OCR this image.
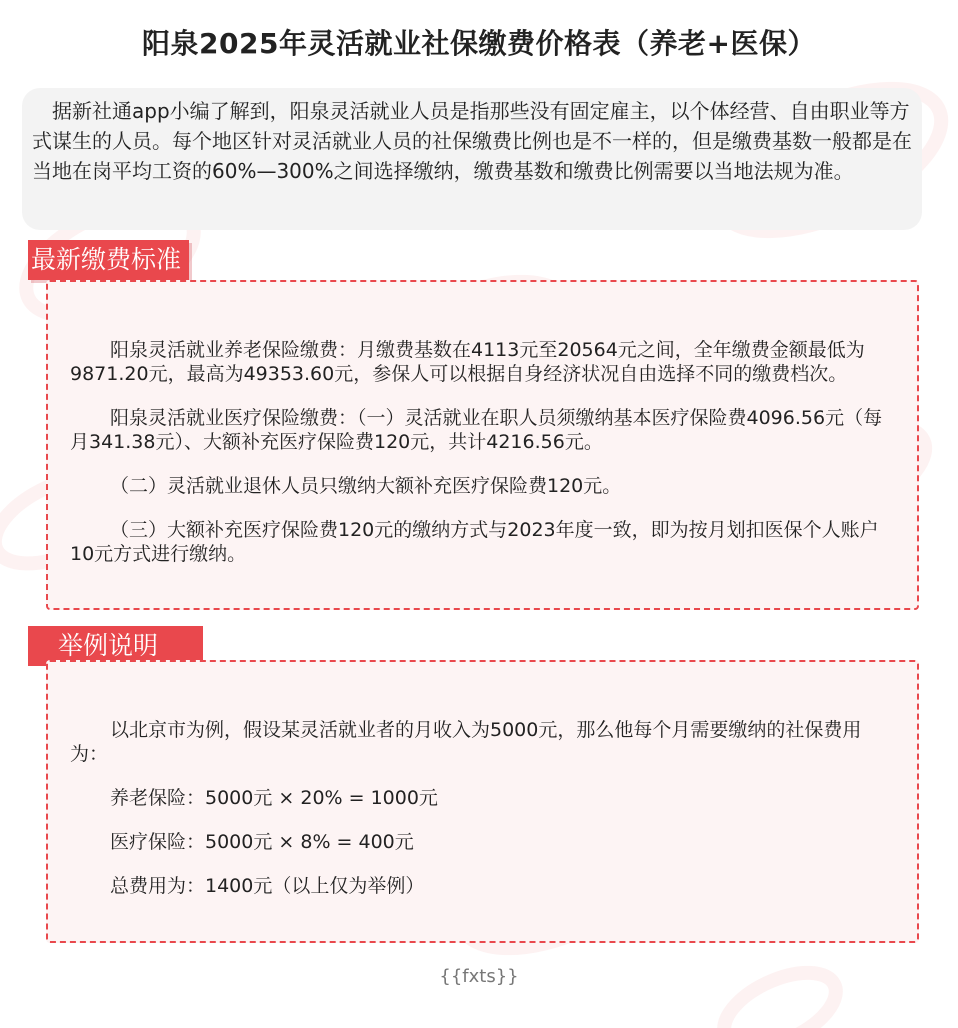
阳泉2025年灵活就业社保缴费价格表（养老+医保）
据新社通app小编了解到，阳泉灵活就业人员是指那些没有固定雇主，以个体经营、自由职业等方式谋生的人员。每个地区针对灵活就业人员的社保缴费比例也是不一样的，但是缴费基数一般都是在当地在岗平均工资的60%—300%之间选择缴纳，缴费基数和缴费比例需要以当地法规为准。
最新缴费标准

阳泉灵活就业养老保险缴费：月缴费基数在4113元至20564元之间，全年缴费金额最低为9871.20元，最高为49353.60元，参保人可以根据自身经济状况自由选择不同的缴费档次。

阳泉灵活就业医疗保险缴费：（一）灵活就业在职人员须缴纳基本医疗保险费4096.56元（每月341.38元）、大额补充医疗保险费120元，共计4216.56元。

（二）灵活就业退休人员只缴纳大额补充医疗保险费120元。

（三）大额补充医疗保险费120元的缴纳方式与2023年度一致，即为按月划扣医保个人账户10元方式进行缴纳。

举例说明

以北京市为例，假设某灵活就业者的月收入为5000元，那么他每个月需要缴纳的社保费用为：

养老保险：5000元 × 20% = 1000元

医疗保险：5000元 × 8% = 400元

总费用为：1400元（以上仅为举例）

{{fxts}}
